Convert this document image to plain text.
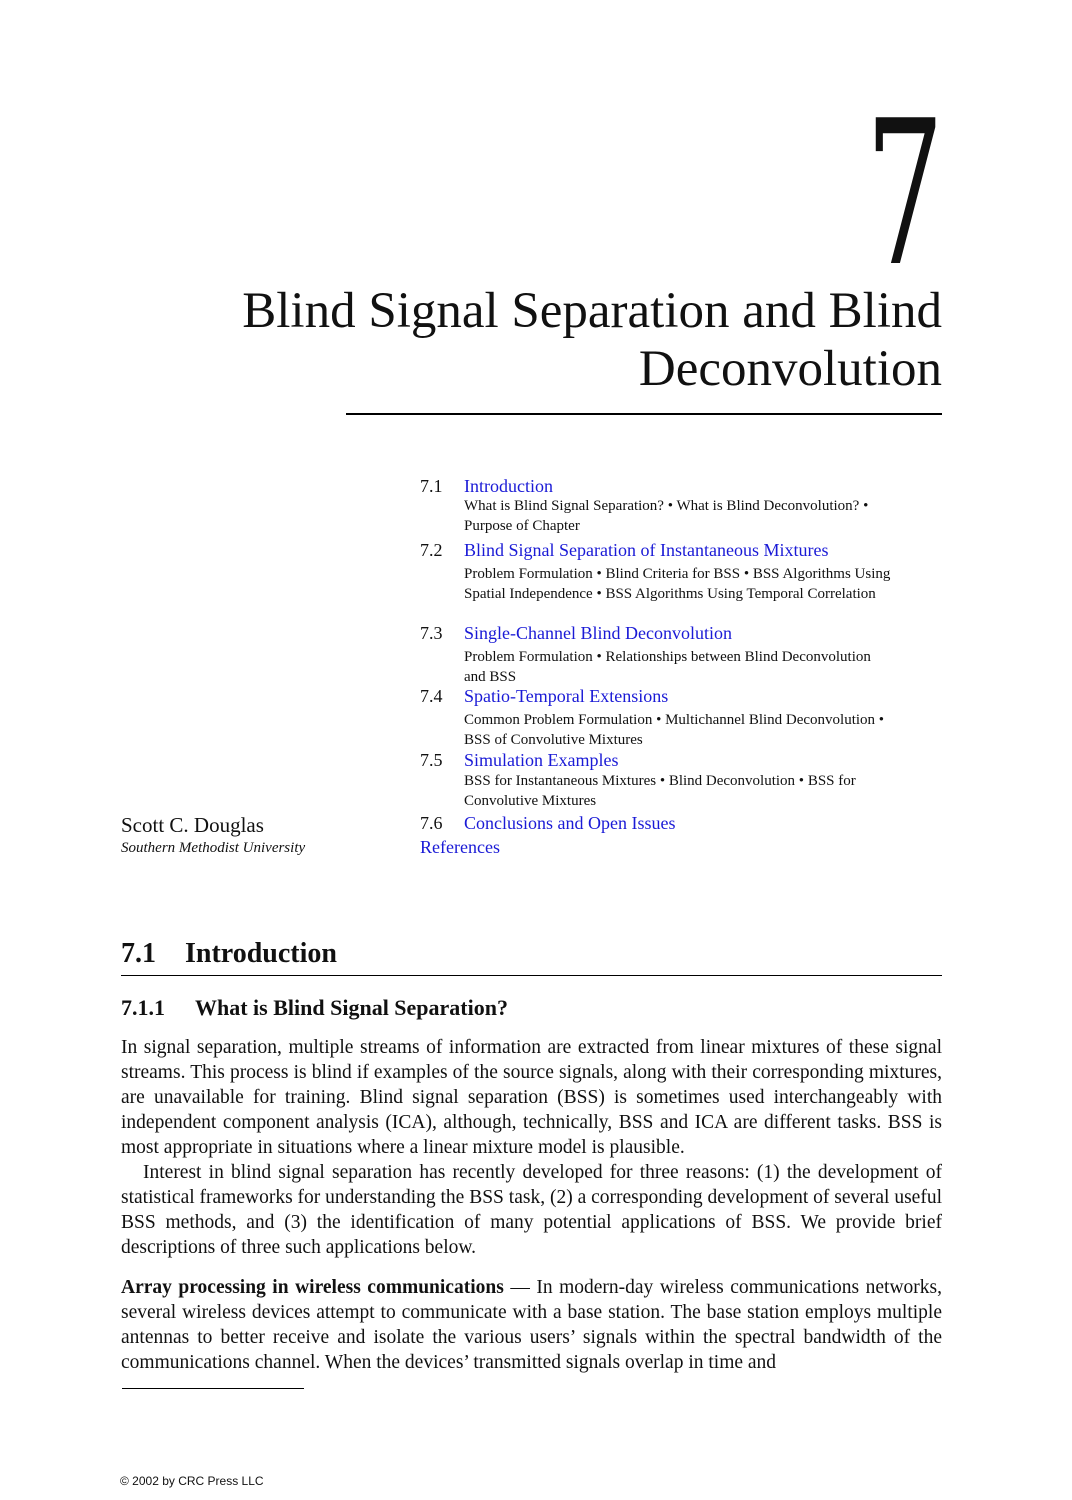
7
Blind Signal Separation and Blind
Deconvolution
7.1 Introduction
What is Blind Signal Separation? • What is Blind Deconvolution? • Purpose of Chapter
7.2 Blind Signal Separation of Instantaneous Mixtures
Problem Formulation • Blind Criteria for BSS • BSS Algorithms Using Spatial Independence • BSS Algorithms Using Temporal Correlation
7.3 Single-Channel Blind Deconvolution
Problem Formulation • Relationships between Blind Deconvolution and BSS
7.4 Spatio-Temporal Extensions
Common Problem Formulation • Multichannel Blind Deconvolution • BSS of Convolutive Mixtures
7.5 Simulation Examples
BSS for Instantaneous Mixtures • Blind Deconvolution • BSS for Convolutive Mixtures
7.6 Conclusions and Open Issues
References
Scott C. Douglas
Southern Methodist University
7.1 Introduction
7.1.1 What is Blind Signal Separation?
In signal separation, multiple streams of information are extracted from linear mixtures of these signal streams. This process is blind if examples of the source signals, along with their corresponding mixtures, are unavailable for training. Blind signal separation (BSS) is sometimes used interchangeably with independent component analysis (ICA), although, technically, BSS and ICA are different tasks. BSS is most appropriate in situations where a linear mixture model is plausible.
Interest in blind signal separation has recently developed for three reasons: (1) the development of statistical frameworks for understanding the BSS task, (2) a corresponding development of several useful BSS methods, and (3) the identification of many potential applications of BSS. We provide brief descriptions of three such applications below.
Array processing in wireless communications — In modern-day wireless communications networks, several wireless devices attempt to communicate with a base station. The base station employs multiple antennas to better receive and isolate the various users’ signals within the spectral bandwidth of the communications channel. When the devices’ transmitted signals overlap in time and
© 2002 by CRC Press LLC
